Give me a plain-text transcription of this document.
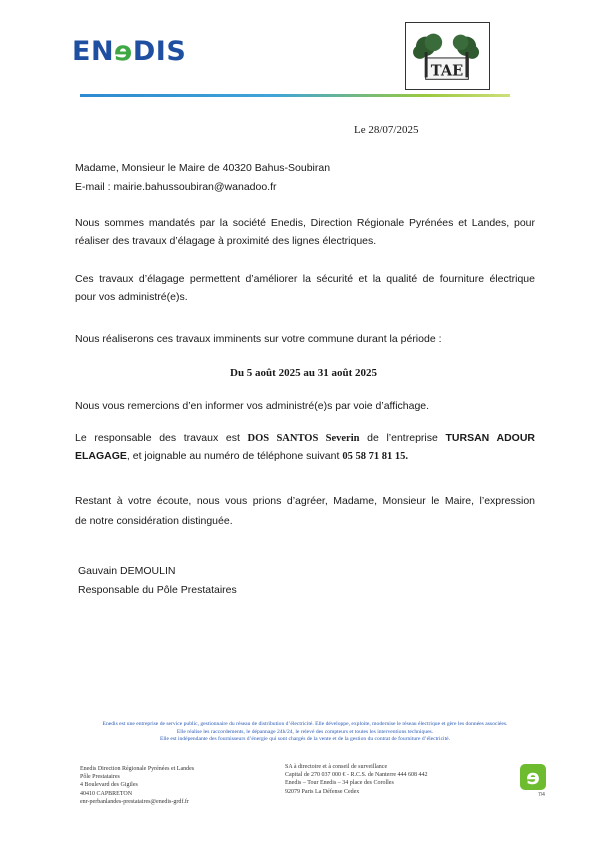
ENɘDIS
TAE
Le 28/07/2025
Madame, Monsieur le Maire de 40320 Bahus-Soubiran
E-mail : mairie.bahussoubiran@wanadoo.fr
Nous sommes mandatés par la société Enedis, Direction Régionale Pyrénées et Landes, pour
réaliser des travaux d’élagage à proximité des lignes électriques.
Ces travaux d’élagage permettent d’améliorer la sécurité et la qualité de fourniture électrique
pour vos administré(e)s.
Nous réaliserons ces travaux imminents sur votre commune durant la période :
Du 5 août 2025 au 31 août 2025
Nous vous remercions d’en informer vos administré(e)s par voie d’affichage.
Le responsable des travaux est DOS SANTOS Severin de l’entreprise TURSAN ADOUR
ELAGAGE, et joignable au numéro de téléphone suivant 05 58 71 81 15.
Restant à votre écoute, nous vous prions d’agréer, Madame, Monsieur le Maire, l’expression
de notre considération distinguée.
Gauvain DEMOULIN
Responsable du Pôle Prestataires
Enedis est une entreprise de service public, gestionnaire du réseau de distribution d’électricité. Elle développe, exploite, modernise le réseau électrique et gère les données associées.
Elle réalise les raccordements, le dépannage 24h/24, le relevé des compteurs et toutes les interventions techniques.
Elle est indépendante des fournisseurs d’énergie qui sont chargés de la vente et de la gestion du contrat de fourniture d’électricité.
Enedis Direction Régionale Pyrénées et Landes
Pôle Prestataires
4 Boulevard des Gigiles
40410 CAPBRETON
enr-perbanlandes-prestataires@enedis-grdf.fr
SA à directoire et à conseil de surveillance
Capital de 270 037 000 € - R.C.S. de Nanterre 444 608 442
Enedis – Tour Enedis – 34 place des Corolles
92079 Paris La Défense Cedex
ɘ
7/4
